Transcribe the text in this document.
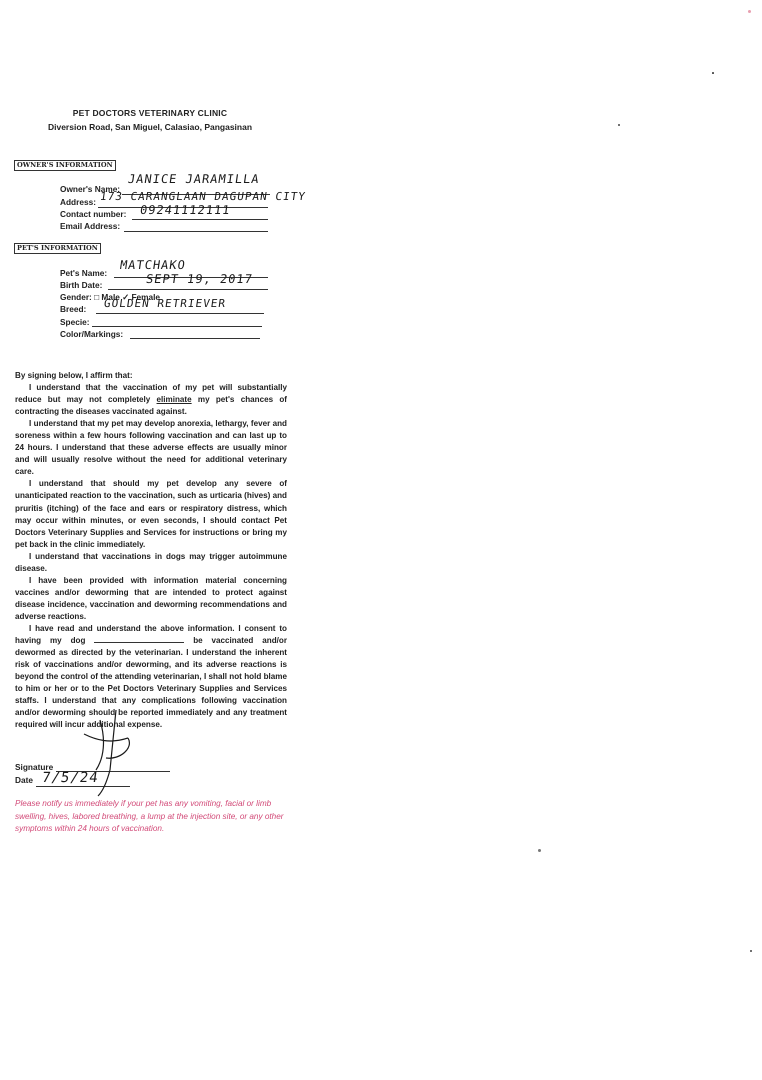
PET DOCTORS VETERINARY CLINIC
Diversion Road, San Miguel, Calasiao, Pangasinan
OWNER'S INFORMATION
Owner's Name:
JANICE JARAMILLA
Address: 173 CARANGLAAN DAGUPAN CITY
Contact number: 09241112111
Email Address:
PET'S INFORMATION
Pet's Name:
MATCHAKO
Birth Date:	SEPT 19, 2017
Gender: □ Male ✓ Female
Breed: GOLDEN RETRIEVER
Specie:
Color/Markings:

By signing below, I affirm that:

I understand that the vaccination of my pet will substantially reduce but may not completely eliminate my pet's chances of contracting the diseases vaccinated against.

I understand that my pet may develop anorexia, lethargy, fever and soreness within a few hours following vaccination and can last up to 24 hours. I understand that these adverse effects are usually minor and will usually resolve without the need for additional veterinary care.

I understand that should my pet develop any severe of unanticipated reaction to the vaccination, such as urticaria (hives) and pruritis (itching) of the face and ears or respiratory distress, which may occur within minutes, or even seconds, I should contact Pet Doctors Veterinary Supplies and Services for instructions or bring my pet back in the clinic immediately.

I understand that vaccinations in dogs may trigger autoimmune disease.

I have been provided with information material concerning vaccines and/or deworming that are intended to protect against disease incidence, vaccination and deworming recommendations and adverse reactions.

I have read and understand the above information. I consent to having my dog	be vaccinated and/or dewormed as directed by the veterinarian. I understand the inherent risk of vaccinations and/or deworming, and its adverse reactions is beyond the control of the attending veterinarian, I shall not hold blame to him or her or to the Pet Doctors Veterinary Supplies and Services staffs. I understand that any complications following vaccination and/or deworming should be reported immediately and any treatment required will incur additional expense.

Signature
Date 7/5/24
Please notify us immediately if your pet has any vomiting, facial or limb swelling, hives, labored breathing, a lump at the injection site, or any other symptoms within 24 hours of vaccination.
